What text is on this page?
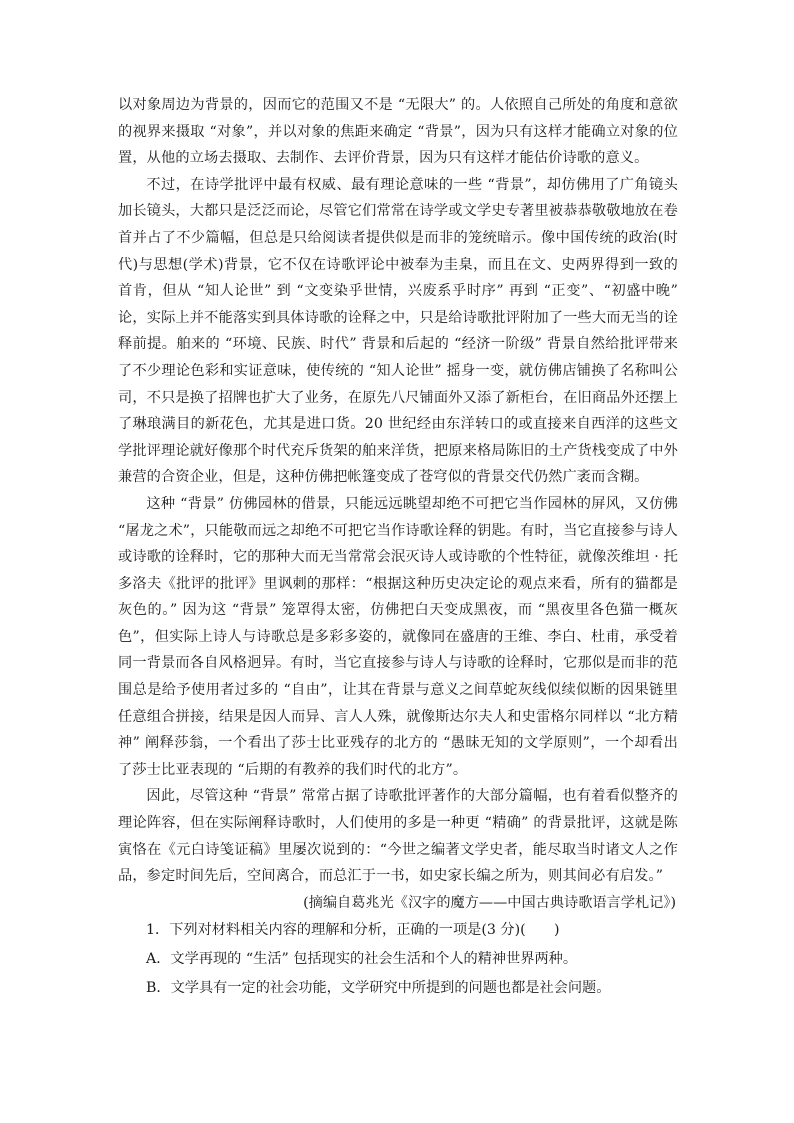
以对象周边为背景的，因而它的范围又不是 “无限大” 的。人依照自己所处的角度和意欲的视界来摄取 “对象”，并以对象的焦距来确定 “背景”，因为只有这样才能确立对象的位置，从他的立场去摄取、去制作、去评价背景，因为只有这样才能估价诗歌的意义。

不过，在诗学批评中最有权威、最有理论意味的一些 “背景”，却仿佛用了广角镜头加长镜头，大都只是泛泛而论，尽管它们常常在诗学或文学史专著里被恭恭敬敬地放在卷首并占了不少篇幅，但总是只给阅读者提供似是而非的笼统暗示。像中国传统的政治(时代)与思想(学术)背景，它不仅在诗歌评论中被奉为圭臬，而且在文、史两界得到一致的首肯，但从 “知人论世” 到 “文变染乎世情，兴废系乎时序” 再到 “正变”、“初盛中晚” 论，实际上并不能落实到具体诗歌的诠释之中，只是给诗歌批评附加了一些大而无当的诠释前提。舶来的 “环境、民族、时代” 背景和后起的 “经济一阶级” 背景自然给批评带来了不少理论色彩和实证意味，使传统的 “知人论世” 摇身一变，就仿佛店铺换了名称叫公司，不只是换了招牌也扩大了业务，在原先八尺铺面外又添了新柜台，在旧商品外还摆上了琳琅满目的新花色，尤其是进口货。20 世纪经由东洋转口的或直接来自西洋的这些文学批评理论就好像那个时代充斥货架的舶来洋货，把原来格局陈旧的土产货栈变成了中外兼营的合资企业，但是，这种仿佛把帐篷变成了苍穹似的背景交代仍然广袤而含糊。

这种 “背景” 仿佛园林的借景，只能远远眺望却绝不可把它当作园林的屏风，又仿佛 “屠龙之术”，只能敬而远之却绝不可把它当作诗歌诠释的钥匙。有时，当它直接参与诗人或诗歌的诠释时，它的那种大而无当常常会泯灭诗人或诗歌的个性特征，就像茨维坦 · 托多洛夫《批评的批评》里讽刺的那样：“根据这种历史决定论的观点来看，所有的猫都是灰色的。” 因为这 “背景” 笼罩得太密，仿佛把白天变成黑夜，而 “黑夜里各色猫一概灰色”，但实际上诗人与诗歌总是多彩多姿的，就像同在盛唐的王维、李白、杜甫，承受着同一背景而各自风格迥异。有时，当它直接参与诗人与诗歌的诠释时，它那似是而非的范围总是给予使用者过多的 “自由”，让其在背景与意义之间草蛇灰线似续似断的因果链里任意组合拼接，结果是因人而异、言人人殊，就像斯达尔夫人和史雷格尔同样以 “北方精神” 阐释莎翁，一个看出了莎士比亚残存的北方的 “愚昧无知的文学原则”，一个却看出了莎士比亚表现的 “后期的有教养的我们时代的北方”。

因此，尽管这种 “背景” 常常占据了诗歌批评著作的大部分篇幅，也有着看似整齐的理论阵容，但在实际阐释诗歌时，人们使用的多是一种更 “精确” 的背景批评，这就是陈寅恪在《元白诗笺证稿》里屡次说到的：“今世之编著文学史者，能尽取当时诸文人之作品，参定时间先后，空间离合，而总汇于一书，如史家长编之所为，则其间必有启发。”

(摘编自葛兆光《汉字的魔方——中国古典诗歌语言学札记》)

1．下列对材料相关内容的理解和分析，正确的一项是(3 分)(　　)

A．文学再现的 “生活” 包括现实的社会生活和个人的精神世界两种。

B．文学具有一定的社会功能，文学研究中所提到的问题也都是社会问题。
